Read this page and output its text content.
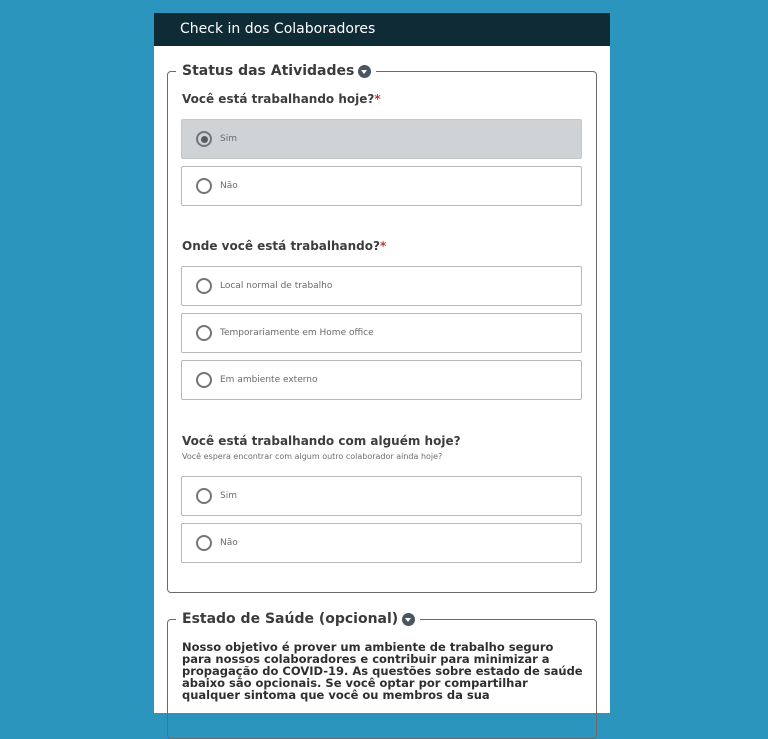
Check in dos Colaboradores
Status das Atividades
Você está trabalhando hoje?*
Sim
Não
Onde você está trabalhando?*
Local normal de trabalho
Temporariamente em Home office
Em ambiente externo
Você está trabalhando com alguém hoje?
Você espera encontrar com algum outro colaborador ainda hoje?
Sim
Não
Estado de Saúde (opcional)
Nosso objetivo é prover um ambiente de trabalho seguro para nossos colaboradores e contribuir para minimizar a propagação do COVID-19. As questões sobre estado de saúde abaixo são opcionais. Se você optar por compartilhar qualquer sintoma que você ou membros da sua
